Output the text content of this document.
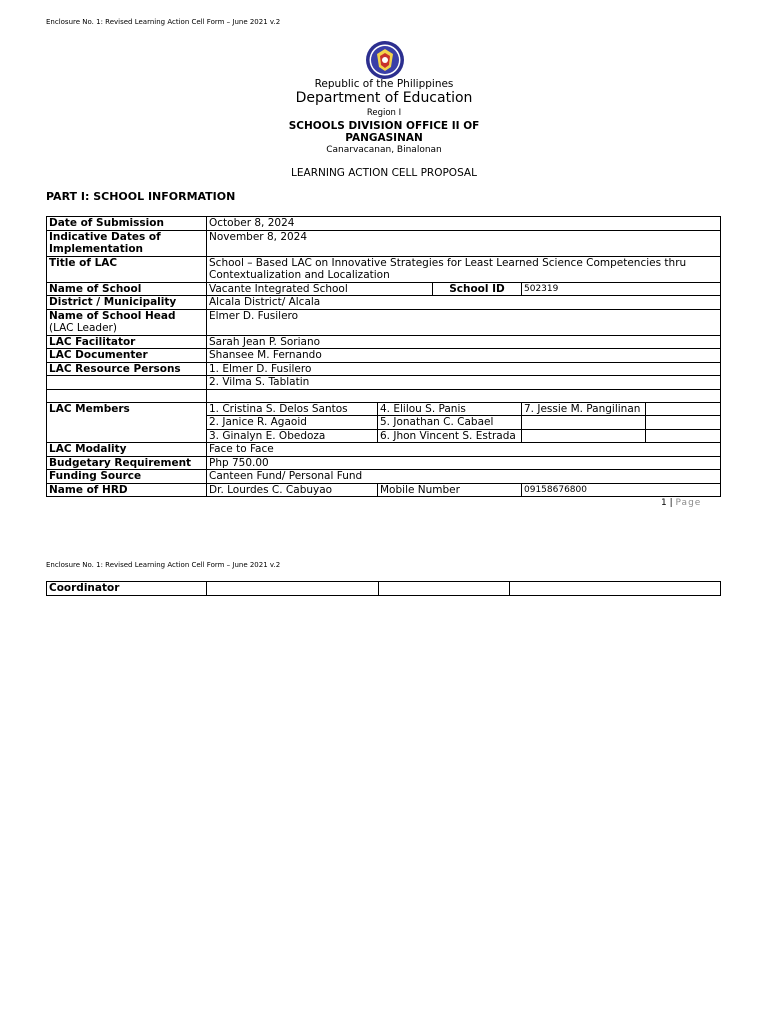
Enclosure No. 1: Revised Learning Action Cell Form – June 2021 v.2
Republic of the Philippines
Department of Education
Region I
SCHOOLS DIVISION OFFICE II OF
PANGASINAN
Canarvacanan, Binalonan
LEARNING ACTION CELL PROPOSAL
PART I: SCHOOL INFORMATION
Date of Submission	October 8, 2024				

Indicative Dates of
Implementation	November 8, 2024				
Title of LAC	School – Based LAC on Innovative Strategies for Least Learned Science Competencies thru Contextualization and Localization				
Name of School	Vacante Integrated School		School ID	502319	
District / Municipality	Alcala District/ Alcala				

Name of School Head
(LAC Leader)	Elmer D. Fusilero				
LAC Facilitator	Sarah Jean P. Soriano				
LAC Documenter	Shansee M. Fernando				
LAC Resource Persons	1. Elmer D. Fusilero				
	2. Vilma S. Tablatin				

LAC Members	1. Cristina S. Delos Santos	4. Elilou S. Panis		7. Jessie M. Pangilinan	
	2. Janice R. Agaoid	5. Jonathan C. Cabael			
	3. Ginalyn E. Obedoza	6. Jhon Vincent S. Estrada			
LAC Modality	Face to Face				
Budgetary Requirement	Php 750.00				
Funding Source	Canteen Fund/ Personal Fund				
Name of HRD	Dr. Lourdes C. Cabuyao	Mobile Number		09158676800	
1 | Page
Enclosure No. 1: Revised Learning Action Cell Form – June 2021 v.2
Coordinator			
